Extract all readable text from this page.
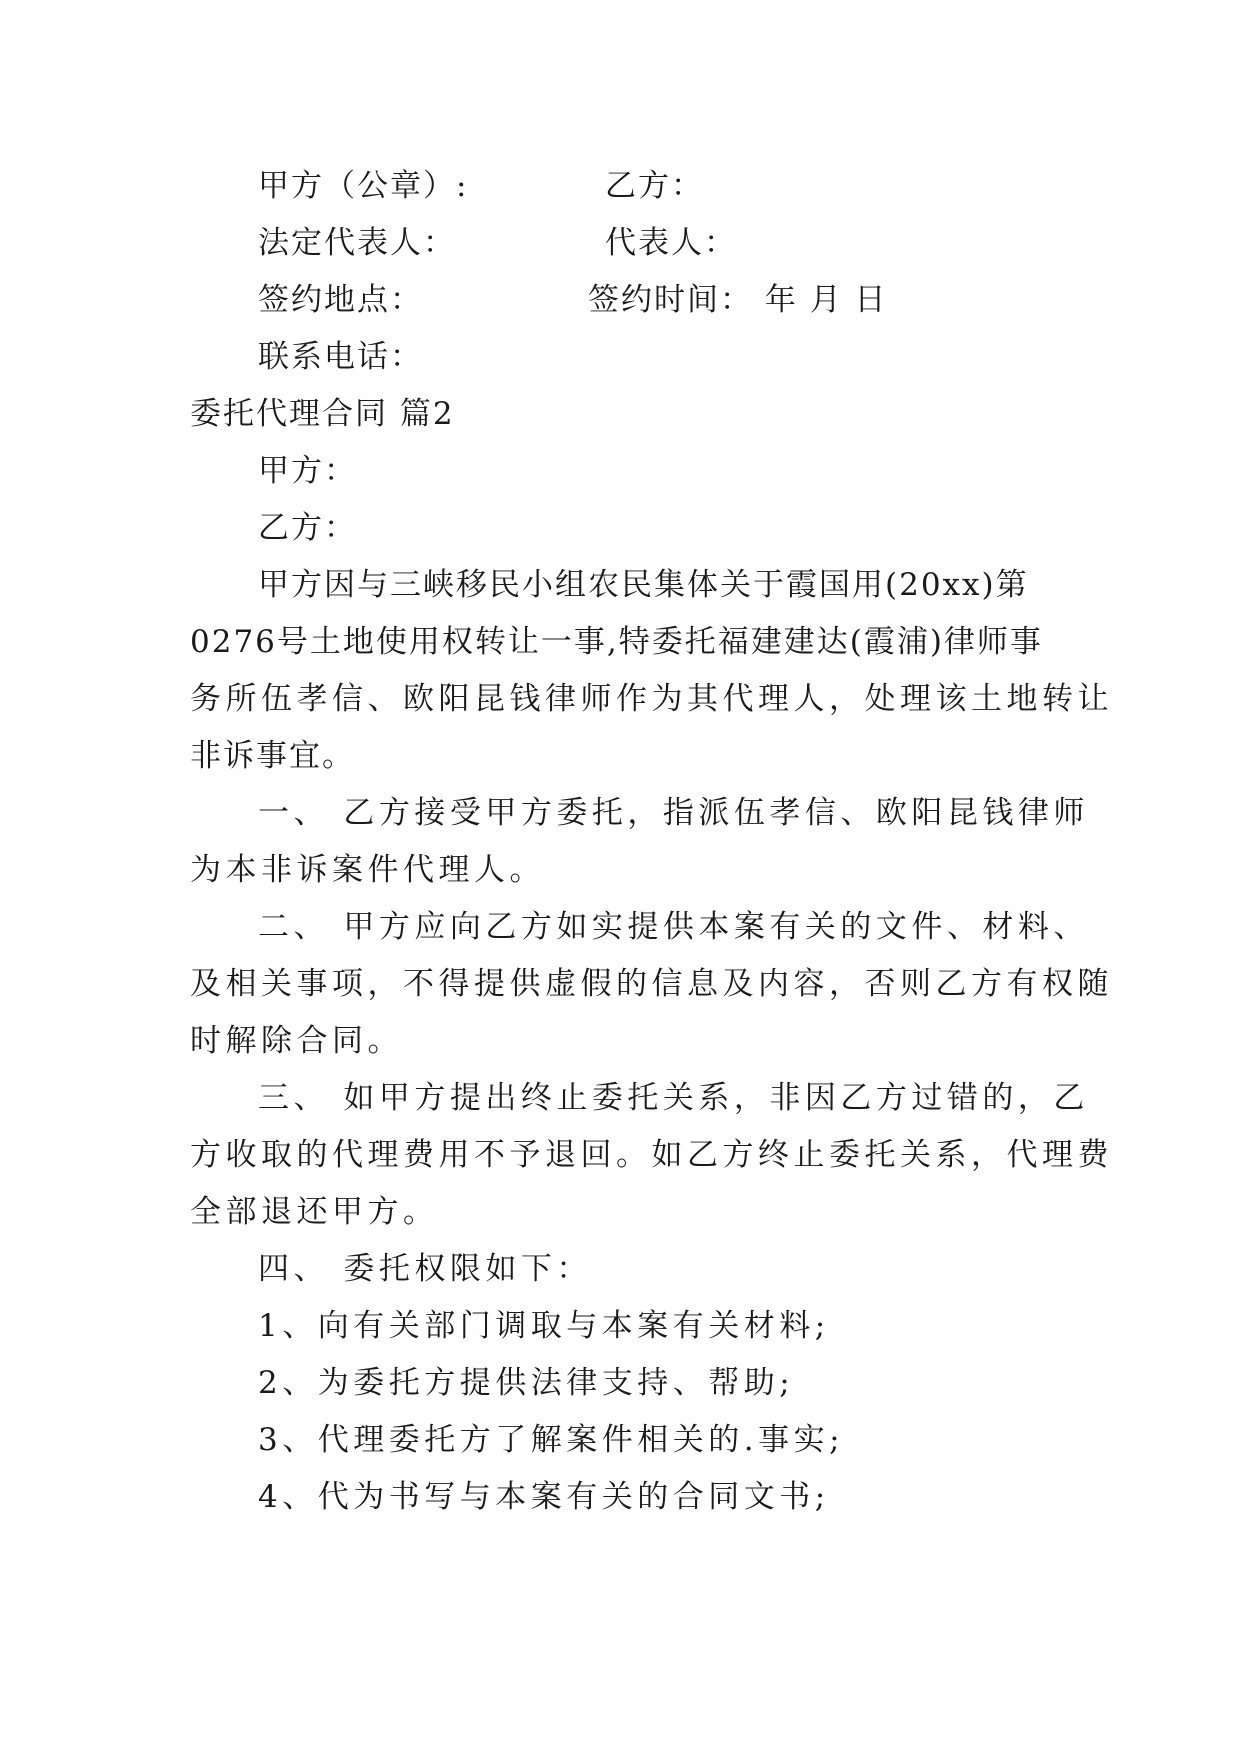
甲方（公章）:	乙方：
法定代表人：	代表人：
签约地点：	签约时间： 年 月 日
联系电话：
委托代理合同 篇2
甲方：
乙方：
甲方因与三峡移民小组农民集体关于霞国用(20xx)第
0276号土地使用权转让一事,特委托福建建达(霞浦)律师事
务所伍孝信、欧阳昆钱律师作为其代理人，处理该土地转让
非诉事宜。
一、 乙方接受甲方委托，指派伍孝信、欧阳昆钱律师
为本非诉案件代理人。
二、 甲方应向乙方如实提供本案有关的文件、材料、
及相关事项，不得提供虚假的信息及内容，否则乙方有权随
时解除合同。
三、 如甲方提出终止委托关系，非因乙方过错的，乙
方收取的代理费用不予退回。如乙方终止委托关系，代理费
全部退还甲方。
四、 委托权限如下：
1、向有关部门调取与本案有关材料;
2、为委托方提供法律支持、帮助;
3、代理委托方了解案件相关的.事实;
4、代为书写与本案有关的合同文书;
